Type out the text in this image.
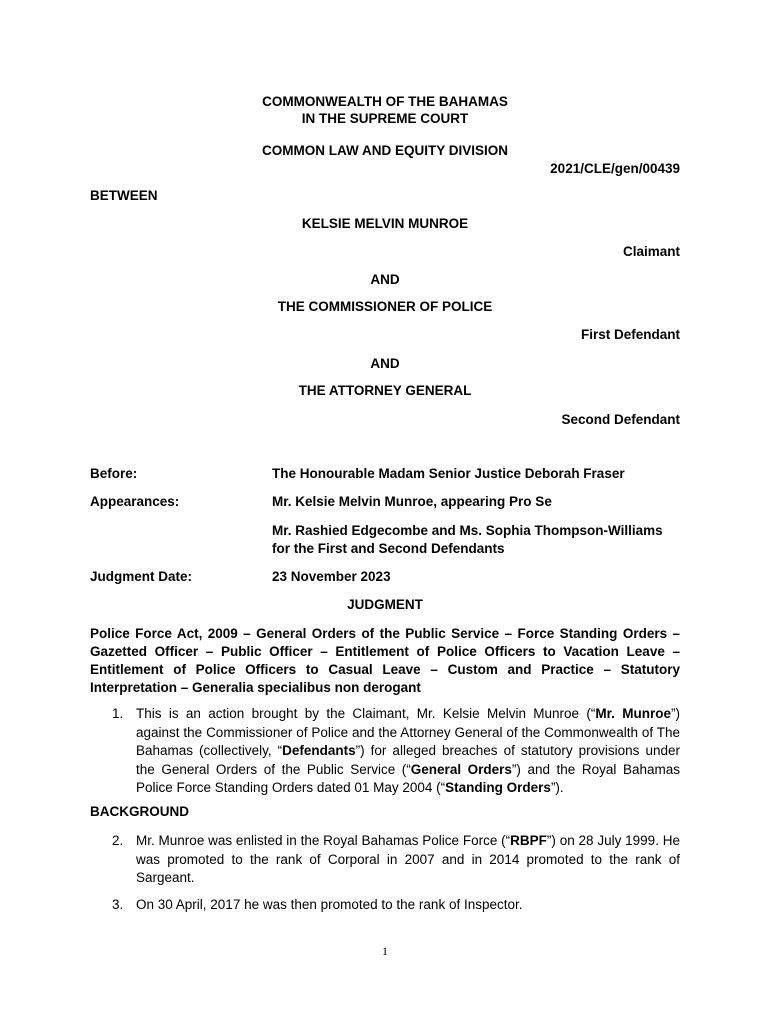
COMMONWEALTH OF THE BAHAMAS
IN THE SUPREME COURT
COMMON LAW AND EQUITY DIVISION
2021/CLE/gen/00439
BETWEEN
KELSIE MELVIN MUNROE
Claimant
AND
THE COMMISSIONER OF POLICE
First Defendant
AND
THE ATTORNEY GENERAL
Second Defendant
Before:	The Honourable Madam Senior Justice Deborah Fraser
Appearances:	Mr. Kelsie Melvin Munroe, appearing Pro Se
Mr. Rashied Edgecombe and Ms. Sophia Thompson-Williams
for the First and Second Defendants
Judgment Date:	23 November 2023
JUDGMENT
Police Force Act, 2009 – General Orders of the Public Service – Force Standing Orders – Gazetted Officer – Public Officer – Entitlement of Police Officers to Vacation Leave – Entitlement of Police Officers to Casual Leave – Custom and Practice – Statutory Interpretation – Generalia specialibus non derogant
1. This is an action brought by the Claimant, Mr. Kelsie Melvin Munroe (“Mr. Munroe”) against the Commissioner of Police and the Attorney General of the Commonwealth of The Bahamas (collectively, “Defendants”) for alleged breaches of statutory provisions under the General Orders of the Public Service (“General Orders”) and the Royal Bahamas Police Force Standing Orders dated 01 May 2004 (“Standing Orders”).
BACKGROUND
2. Mr. Munroe was enlisted in the Royal Bahamas Police Force (“RBPF”) on 28 July 1999. He was promoted to the rank of Corporal in 2007 and in 2014 promoted to the rank of Sargeant.
3. On 30 April, 2017 he was then promoted to the rank of Inspector.
1
